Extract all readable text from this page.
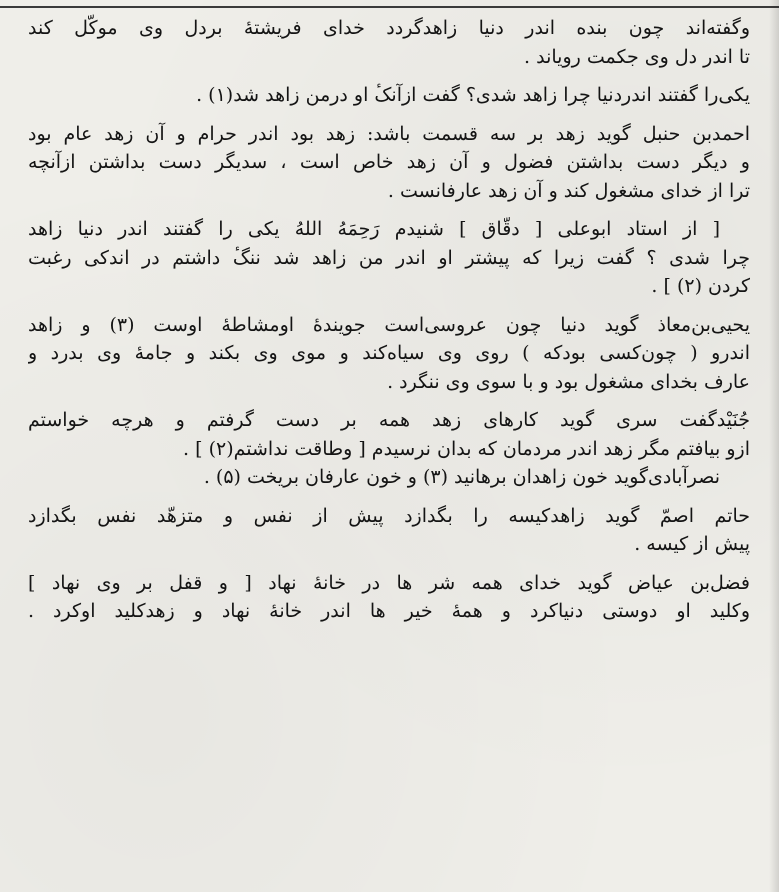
وگفته‌اند چون بنده اندر دنیا زاهدگردد خدای فریشتهٔ بردل وی موکّل کند
تا اندر دل وی جکمت رویاند .
یکی‌را گفتند اندردنیا چرا زاهد شدی؟ گفت ازآنکٔ او درمن زاهد شد(۱) .
احمدبن حنبل گوید زهد بر سه قسمت باشد: زهد بود اندر حرام و آن زهد عام بود
و دیگر دست بداشتن فضول و آن زهد خاص است ، سدیگر دست بداشتن ازآنچه
ترا از خدای مشغول کند و آن زهد عارفانست .
[ از استاد ابوعلی [ دقّاق ] شنیدم رَحِمَهُ اللهُ یکی را گفتند اندر دنیا زاهد
چرا شدی ؟ گفت زیرا که پیشتر او اندر من زاهد شد ننگٔ داشتم در اندکی رغبت
کردن (۲) ] .
یحیی‌بن‌معاذ گوید دنیا چون عروسی‌است جویندهٔ اومشاطهٔ اوست (۳) و زاهد
اندرو ( چون‌کسی بودکه ) روی وی سیاه‌کند و موی وی بکند و جامهٔ وی بدرد و
عارف بخدای مشغول بود و با سوی وی ننگرد .
جُنَیْدگفت سری گوید کارهای زهد همه بر دست گرفتم و هرچه خواستم
ازو بیافتم مگر زهد اندر مردمان که بدان نرسیدم [ وطاقت نداشتم(۲) ] .
نصرآبادی‌گوید خون زاهدان برهانید (۳) و خون عارفان بریخت (۵) .
حاتم اصمّ گوید زاهدکیسه را بگدازد پیش از نفس و متزهّد نفس بگدازد
پیش از کیسه .
فضل‌بن عیاض گوید خدای همه شر ها در خانهٔ نهاد [ و قفل بر وی نهاد ]
وکلید او دوستی دنیاکرد و همهٔ خیر ها اندر خانهٔ نهاد و زهدکلید اوکرد .
